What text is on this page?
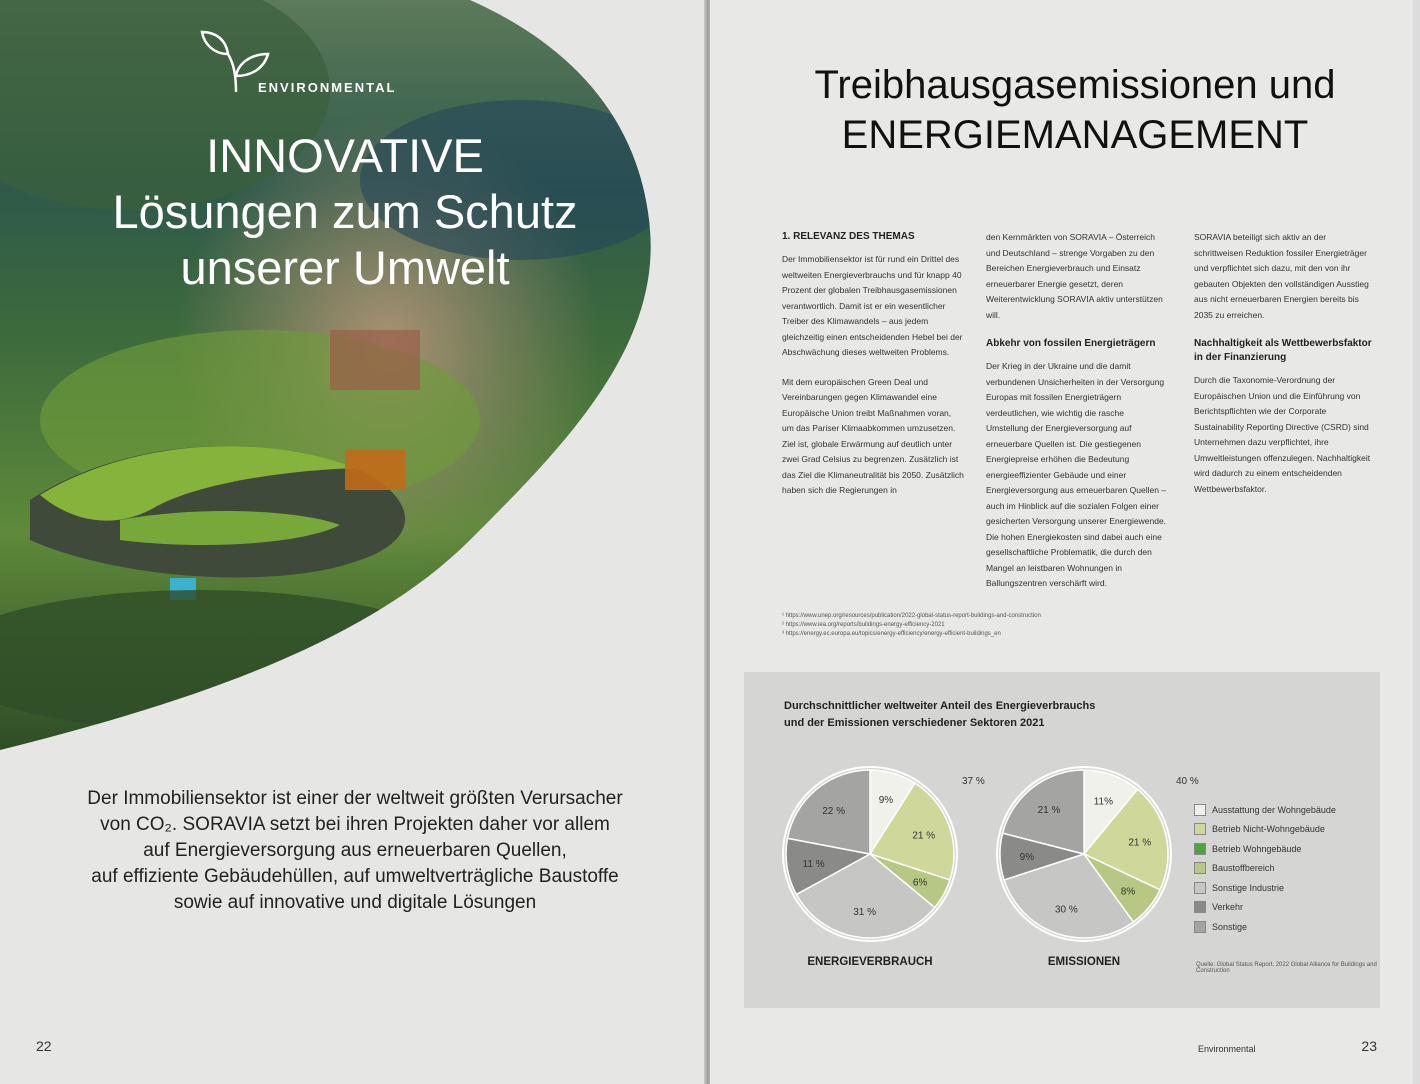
ENVIRONMENTAL
INNOVATIVE
Lösungen zum Schutz
unserer Umwelt
Der Immobiliensektor ist einer der weltweit größten Verursacher
von CO₂. SORAVIA setzt bei ihren Projekten daher vor allem
auf Energieversorgung aus erneuerbaren Quellen,
auf effiziente Gebäudehüllen, auf umweltverträgliche Baustoffe
sowie auf innovative und digitale Lösungen
22
Treibhausgasemissionen und
ENERGIEMANAGEMENT
1. RELEVANZ DES THEMAS

Der Immobiliensektor ist für rund ein Drittel des weltweiten Energieverbrauchs und für knapp 40 Prozent der globalen Treibhausgasemissionen verantwortlich. Damit ist er ein wesentlicher Treiber des Klimawandels – aus jedem gleichzeitig einen entscheidenden Hebel bei der Abschwächung dieses weltweiten Problems.

Mit dem europäischen Green Deal und Vereinbarungen gegen Klimawandel eine Europäische Union treibt Maßnahmen voran, um das Pariser Klimaabkommen umzusetzen. Ziel ist, globale Erwärmung auf deutlich unter zwei Grad Celsius zu begrenzen. Zusätzlich ist das Ziel die Klimaneutralität bis 2050. Zusätzlich haben sich die Regierungen in

den Kernmärkten von SORAVIA – Österreich und Deutschland – strenge Vorgaben zu den Bereichen Energieverbrauch und Einsatz erneuerbarer Energie gesetzt, deren Weiterentwicklung SORAVIA aktiv unterstützen will.

Abkehr von fossilen Energieträgern

Der Krieg in der Ukraine und die damit verbundenen Unsicherheiten in der Versorgung Europas mit fossilen Energieträgern verdeutlichen, wie wichtig die rasche Umstellung der Energieversorgung auf erneuerbare Quellen ist. Die gestiegenen Energiepreise erhöhen die Bedeutung energieeffizienter Gebäude und einer Energieversorgung aus erneuerbaren Quellen – auch im Hinblick auf die sozialen Folgen einer gesicherten Versorgung unserer Energiewende. Die hohen Energiekosten sind dabei auch eine gesellschaftliche Problematik, die durch den Mangel an leistbaren Wohnungen in Ballungszentren verschärft wird.

SORAVIA beteiligt sich aktiv an der schrittweisen Reduktion fossiler Energieträger und verpflichtet sich dazu, mit den von ihr gebauten Objekten den vollständigen Ausstieg aus nicht erneuerbaren Energien bereits bis 2035 zu erreichen.

Nachhaltigkeit als Wettbewerbsfaktor in der Finanzierung

Durch die Taxonomie-Verordnung der Europäischen Union und die Einführung von Berichtspflichten wie der Corporate Sustainability Reporting Directive (CSRD) sind Unternehmen dazu verpflichtet, ihre Umweltleistungen offenzulegen. Nachhaltigkeit wird dadurch zu einem entscheidenden Wettbewerbsfaktor.

¹ https://www.unep.org/resources/publication/2022-global-status-report-buildings-and-construction
² https://www.iea.org/reports/buildings-energy-efficiency-2021
³ https://energy.ec.europa.eu/topics/energy-efficiency/energy-efficient-buildings_en
Durchschnittlicher weltweiter Anteil des Energieverbrauchs
und der Emissionen verschiedener Sektoren 2021
9%
21 %
6%
31 %
11 %
22 %
37 %
11%
21 %
8%
30 %
9%
21 %
40 %
ENERGIEVERBRAUCH	EMISSIONEN
Ausstattung der Wohngebäude
Betrieb Nicht-Wohngebäude
Betrieb Wohngebäude
Baustoffbereich
Sonstige Industrie
Verkehr
Sonstige
Quelle: Global Status Report, 2022 Global Alliance for Buildings and Construction
Environmental	23
